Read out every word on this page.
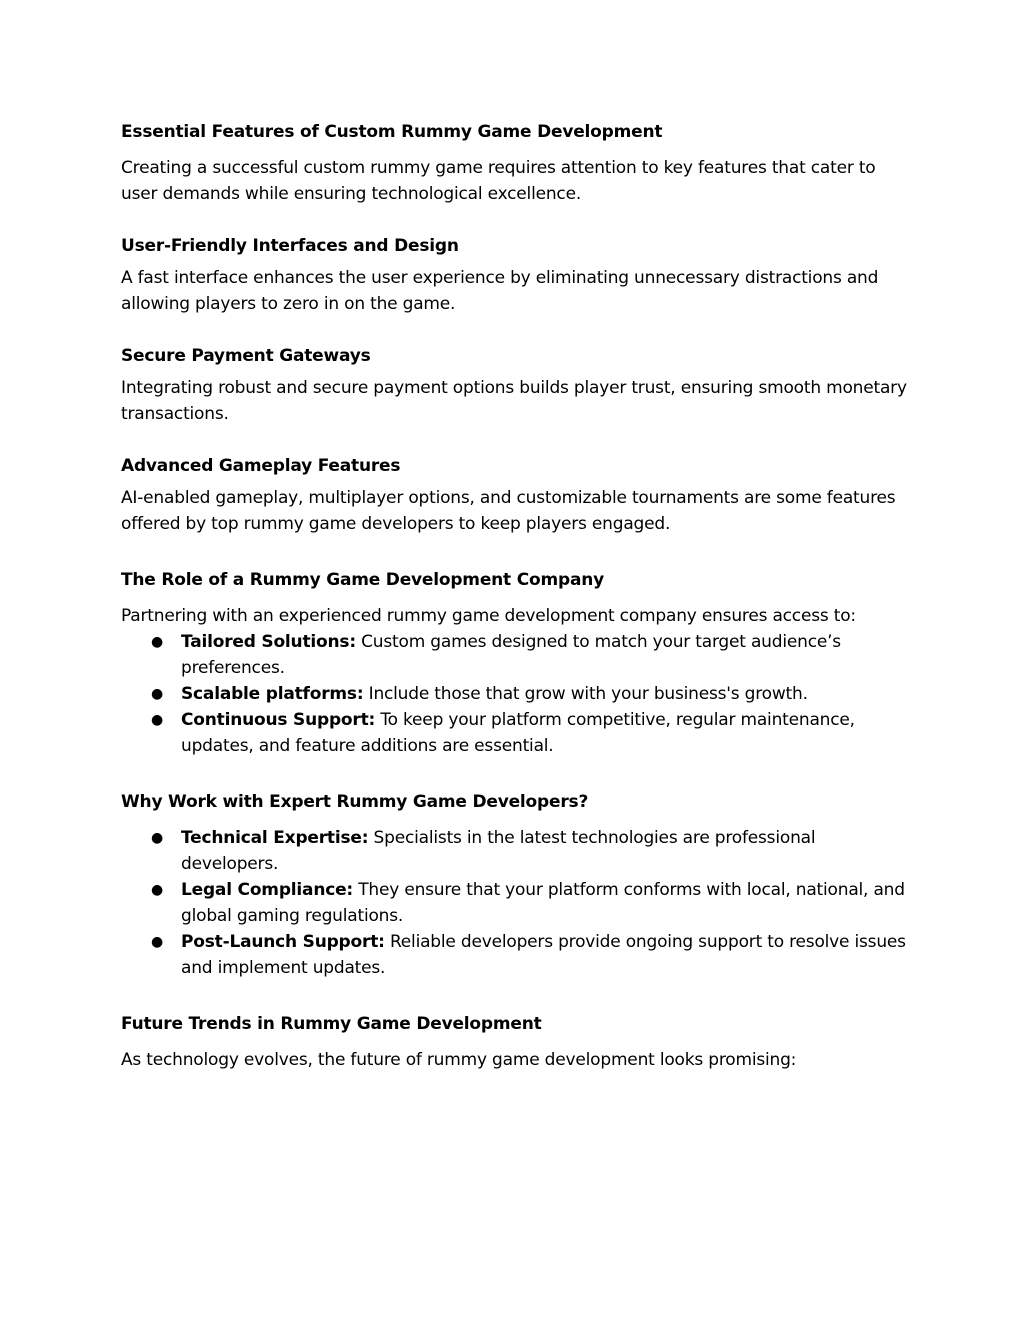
Essential Features of Custom Rummy Game Development

Creating a successful custom rummy game requires attention to key features that cater to user demands while ensuring technological excellence.

User-Friendly Interfaces and Design

A fast interface enhances the user experience by eliminating unnecessary distractions and allowing players to zero in on the game.

Secure Payment Gateways

Integrating robust and secure payment options builds player trust, ensuring smooth monetary transactions.

Advanced Gameplay Features

AI-enabled gameplay, multiplayer options, and customizable tournaments are some features offered by top rummy game developers to keep players engaged.

The Role of a Rummy Game Development Company

Partnering with an experienced rummy game development company ensures access to:

● Tailored Solutions: Custom games designed to match your target audience’s preferences.
● Scalable platforms: Include those that grow with your business's growth.
● Continuous Support: To keep your platform competitive, regular maintenance, updates, and feature additions are essential.
Why Work with Expert Rummy Game Developers?
● Technical Expertise: Specialists in the latest technologies are professional developers.
● Legal Compliance: They ensure that your platform conforms with local, national, and global gaming regulations.
● Post-Launch Support: Reliable developers provide ongoing support to resolve issues and implement updates.
Future Trends in Rummy Game Development

As technology evolves, the future of rummy game development looks promising:
